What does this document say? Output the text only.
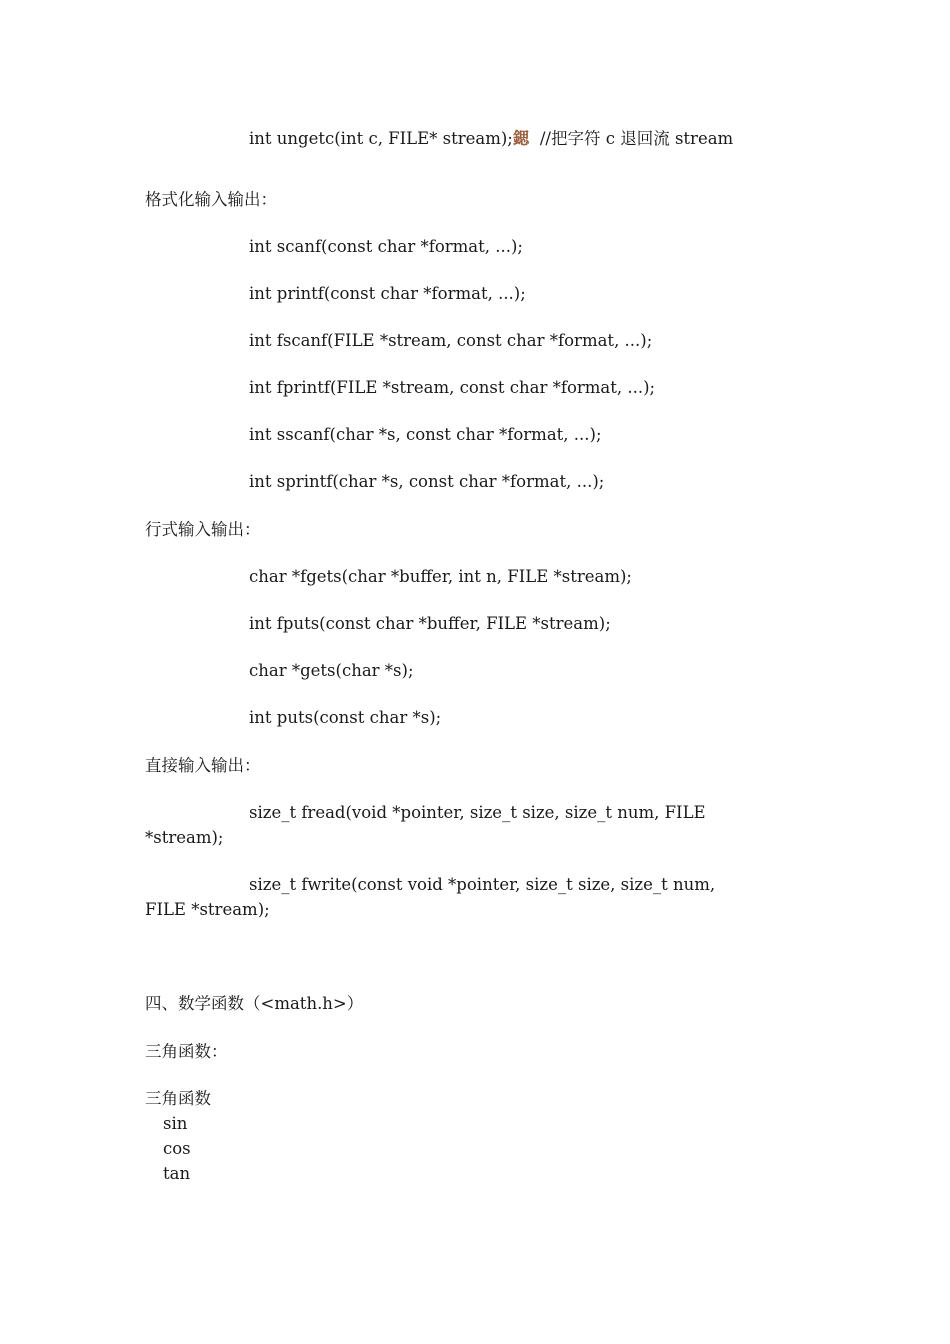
int ungetc(int c, FILE* stream);鍶  //把字符 c 退回流 stream
格式化输入输出：
int scanf(const char *format, ...);
int printf(const char *format, ...);
int fscanf(FILE *stream, const char *format, ...);
int fprintf(FILE *stream, const char *format, ...);
int sscanf(char *s, const char *format, ...);
int sprintf(char *s, const char *format, ...);
行式输入输出：
char *fgets(char *buffer, int n, FILE *stream);
int fputs(const char *buffer, FILE *stream);
char *gets(char *s);
int puts(const char *s);
直接输入输出：
size_t fread(void *pointer, size_t size, size_t num, FILE
*stream);
size_t fwrite(const void *pointer, size_t size, size_t num,
FILE *stream);
四、数学函数（<math.h>）
三角函数：
三角函数
sin
cos
tan
